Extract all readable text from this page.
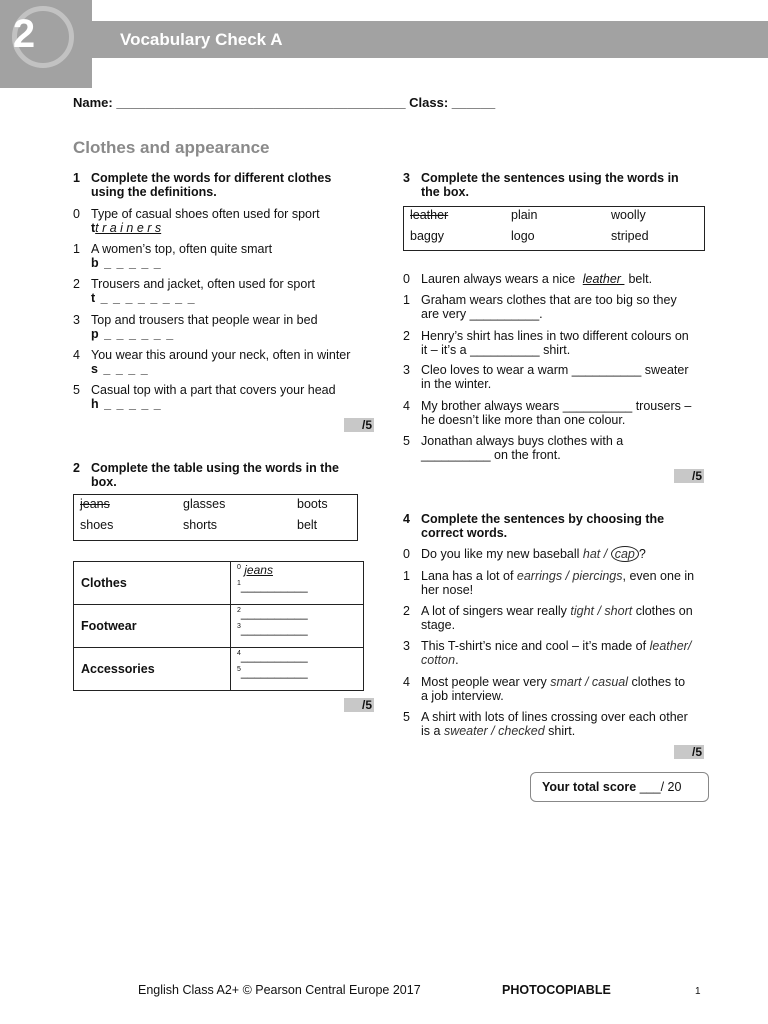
2	Vocabulary Check A
Name: ________________________________________ Class: ______
Clothes and appearance
1 Complete the words for different clothes
using the definitions.
0 Type of casual shoes often used for sport
tt r a i n e r s
1 A women’s top, often quite smart
b _ _ _ _ _
2 Trousers and jacket, often used for sport
t _ _ _ _ _ _ _ _
3 Top and trousers that people wear in bed
p _ _ _ _ _ _
4 You wear this around your neck, often in winter
s _ _ _ _
5 Casual top with a part that covers your head
h _ _ _ _ _
/5
2 Complete the table using the words in the
box.
jeans	glasses	boots
shoes	shorts	belt
Clothes	$^0$ jeans
$^1$__________

Footwear	$^2$__________
$^3$__________

Accessories	$^4$__________
$^5$__________
/5
3 Complete the sentences using the words in
the box.
leather	plain	woolly
baggy	logo	striped
0 Lauren always wears a nice leather belt.
1 Graham wears clothes that are too big so they
are very __________.
2 Henry’s shirt has lines in two different colours on
it – it’s a __________ shirt.
3 Cleo loves to wear a warm __________ sweater
in the winter.
4 My brother always wears __________ trousers –
he doesn’t like more than one colour.
5 Jonathan always buys clothes with a
__________ on the front.
/5
4 Complete the sentences by choosing the
correct words.
0 Do you like my new baseball hat / cap ?
1 Lana has a lot of earrings / piercings, even one in
her nose!
2 A lot of singers wear really tight / short clothes on
stage.
3 This T-shirt’s nice and cool – it’s made of leather/
cotton.
4 Most people wear very smart / casual clothes to
a job interview.
5 A shirt with lots of lines crossing over each other
is a sweater / checked shirt.
/5
Your total score ___/ 20
English Class A2+ © Pearson Central Europe 2017	PHOTOCOPIABLE	1
